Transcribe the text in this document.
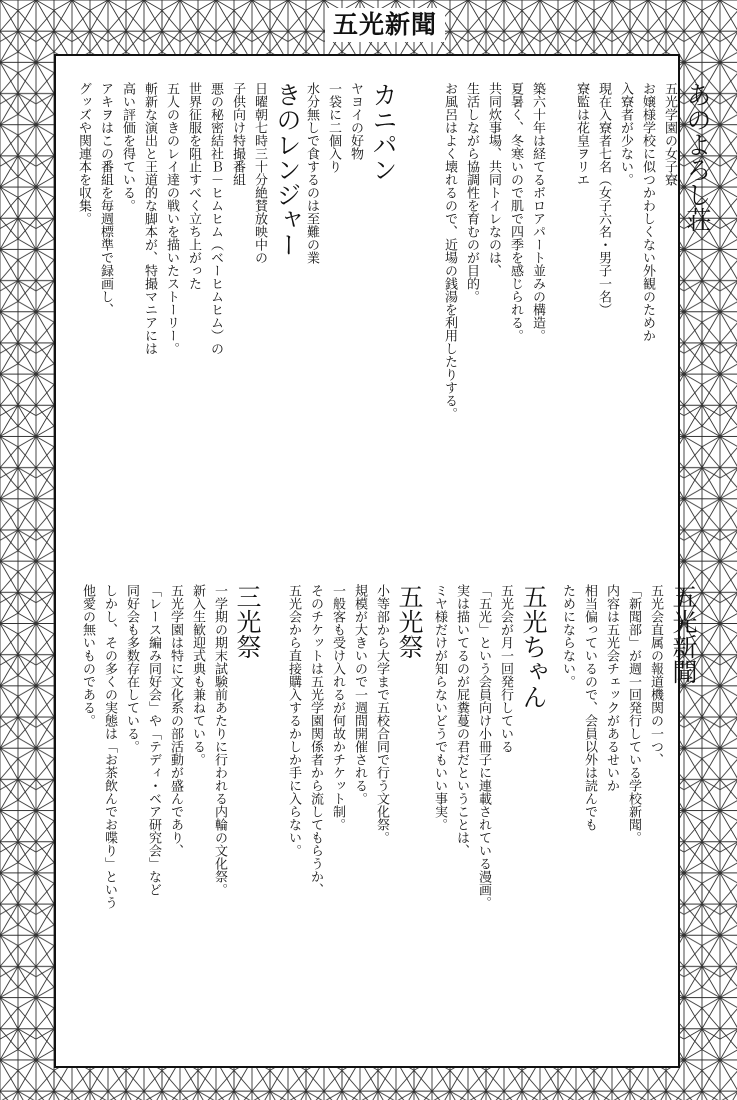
五光新聞
あのよろし荘
五光学園の女子寮
お嬢様学校に似つかわしくない外観のためか
入寮者が少ない。
現在入寮者七名（女子六名・男子一名）
寮監は花皇ヲリエ
築六十年は経てるボロアパート並みの構造。
夏暑く、冬寒いので肌で四季を感じられる。
共同炊事場、共同トイレなのは、
生活しながら協調性を育むのが目的。
お風呂はよく壊れるので、近場の銭湯を利用したりする。
カニパン
ヤヨイの好物
一袋に二個入り
水分無しで食するのは至難の業
きのレンジャー
日曜朝七時三十分絶賛放映中の
子供向け特撮番組
悪の秘密結社Ｂ－ヒムヒム（ベーヒムヒム）の
世界征服を阻止すべく立ち上がった
五人のきのレイ達の戦いを描いたストーリー。
斬新な演出と王道的な脚本が、特撮マニアには
高い評価を得ている。
アキヲはこの番組を毎週標準で録画し、
グッズや関連本を収集。
五光新聞
五光会直属の報道機関の一つ、
「新聞部」が週一回発行している学校新聞。
内容は五光会チェックがあるせいか
相当偏っているので、会員以外は読んでも
ためにならない。
五光ちゃん
五光会が月一回発行している
「五光」という会員向け小冊子に連載されている漫画。
実は描いてるのが屁糞蔓の君だということは、
ミヤ様だけが知らないどうでもいい事実。
五光祭
小等部から大学まで五校合同で行う文化祭。
規模が大きいので一週間開催される。
一般客も受け入れるが何故かチケット制。
そのチケットは五光学園関係者から流してもらうか、
五光会から直接購入するかしか手に入らない。
三光祭
一学期の期末試験前あたりに行われる内輪の文化祭。
新入生歓迎式典も兼ねている。
五光学園は特に文化系の部活動が盛んであり、
「レース編み同好会」や「テディ・ベア研究会」など
同好会も多数存在している。
しかし、その多くの実態は「お茶飲んでお喋り」という
他愛の無いものである。
